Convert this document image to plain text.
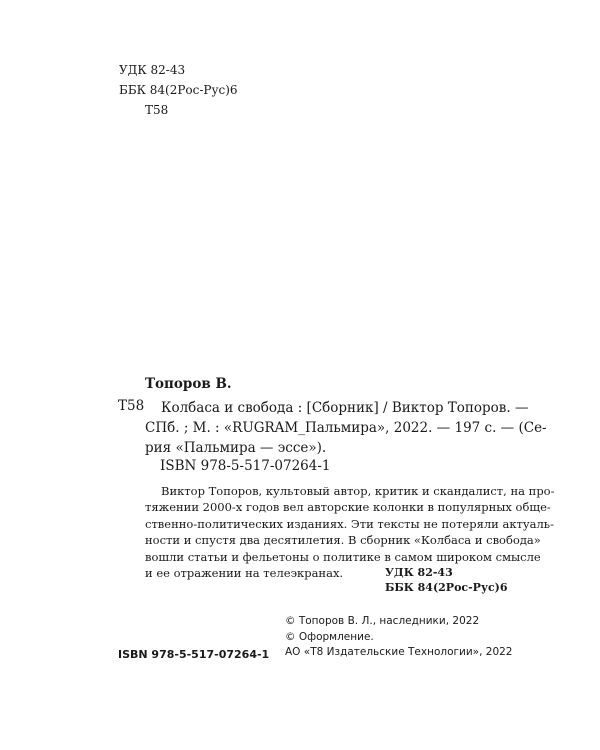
УДК 82-43
ББК 84(2Рос-Рус)6
Т58
Топоров В.
Т58	Колбаса и свобода : [Сборник] / Виктор Топоров. —
СПб. ; М. : «RUGRAM_Пальмира», 2022. — 197 с. — (Се-
рия «Пальмира — эссе»).
ISBN 978-5-517-07264-1
Виктор Топоров, культовый автор, критик и скандалист, на про-
тяжении 2000-х годов вел авторские колонки в популярных обще-
ственно-политических изданиях. Эти тексты не потеряли актуаль-
ности и спустя два десятилетия. В сборник «Колбаса и свобода»
вошли статьи и фельетоны о политике в самом широком смысле
и ее отражении на телеэкранах.	УДК 82-43
ББК 84(2Рос-Рус)6
© Топоров В. Л., наследники, 2022
© Оформление.
АО «Т8 Издательские Технологии», 2022
ISBN 978-5-517-07264-1
